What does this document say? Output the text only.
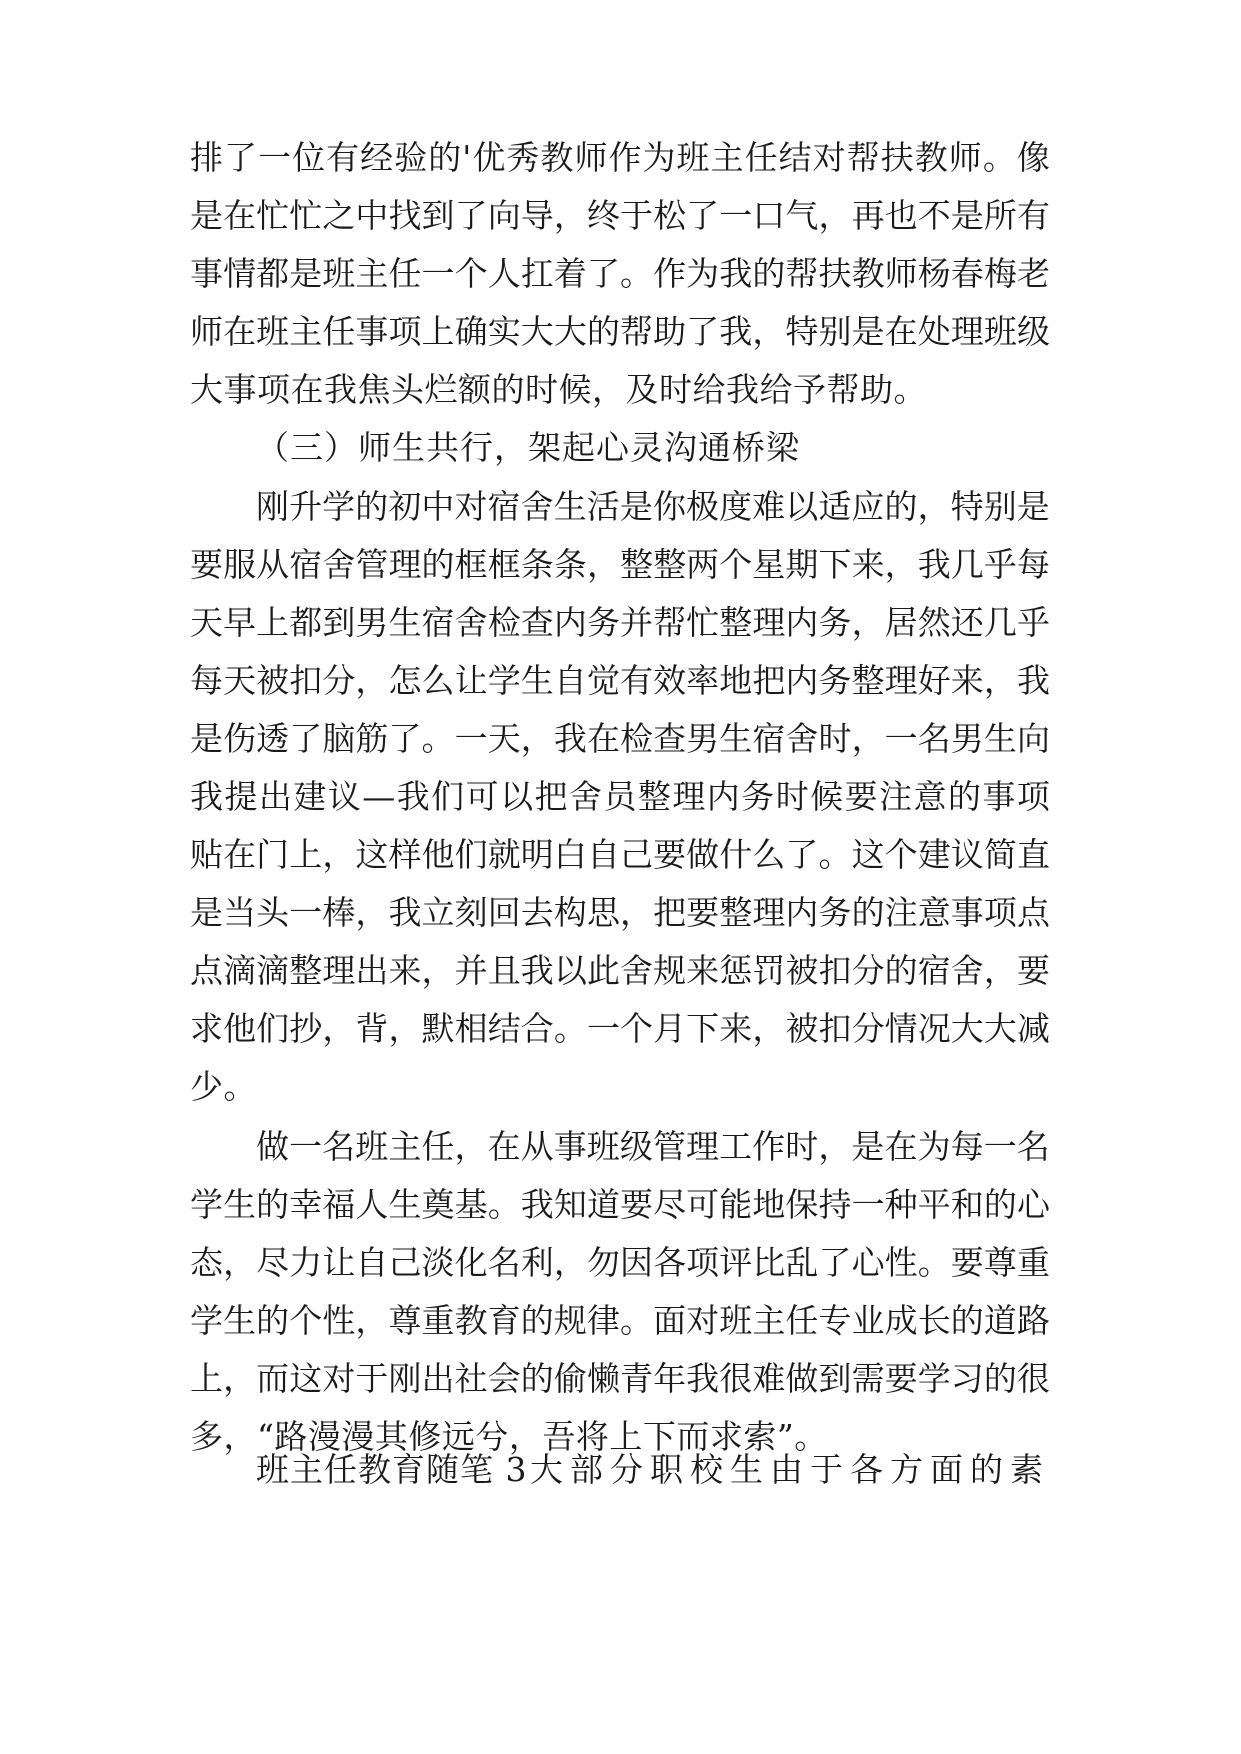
排 了 一 位 有 经 验 的 ' 优 秀 教 师 作 为 班 主 任 结 对 帮 扶 教 师 。 像
是 在 忙 忙 之 中 找 到 了 向 导 ， 终 于 松 了 一 口 气 ， 再 也 不 是 所 有
事 情 都 是 班 主 任 一 个 人 扛 着 了 。 作 为 我 的 帮 扶 教 师 杨 春 梅 老
师 在 班 主 任 事 项 上 确 实 大 大 的 帮 助 了 我 ， 特 别 是 在 处 理 班 级
大事项在我焦头烂额的时候，及时给我给予帮助。
（三）师生共行，架起心灵沟通桥梁
刚 升 学 的 初 中 对 宿 舍 生 活 是 你 极 度 难 以 适 应 的 ， 特 别 是
要 服 从 宿 舍 管 理 的 框 框 条 条 ， 整 整 两 个 星 期 下 来 ， 我 几 乎 每
天 早 上 都 到 男 生 宿 舍 检 查 内 务 并 帮 忙 整 理 内 务 ， 居 然 还 几 乎
每 天 被 扣 分 ， 怎 么 让 学 生 自 觉 有 效 率 地 把 内 务 整 理 好 来 ， 我
是 伤 透 了 脑 筋 了 。 一 天 ， 我 在 检 查 男 生 宿 舍 时 ， 一 名 男 生 向
我 提 出 建 议 — 我 们 可 以 把 舍 员 整 理 内 务 时 候 要 注 意 的 事 项
贴 在 门 上 ， 这 样 他 们 就 明 白 自 己 要 做 什 么 了 。 这 个 建 议 简 直
是 当 头 一 棒 ， 我 立 刻 回 去 构 思 ， 把 要 整 理 内 务 的 注 意 事 项 点
点 滴 滴 整 理 出 来 ， 并 且 我 以 此 舍 规 来 惩 罚 被 扣 分 的 宿 舍 ， 要
求 他 们 抄 ， 背 ， 默 相 结 合 。 一 个 月 下 来 ， 被 扣 分 情 况 大 大 减
少。
做 一 名 班 主 任 ， 在 从 事 班 级 管 理 工 作 时 ， 是 在 为 每 一 名
学 生 的 幸 福 人 生 奠 基 。 我 知 道 要 尽 可 能 地 保 持 一 种 平 和 的 心
态 ， 尽 力 让 自 己 淡 化 名 利 ， 勿 因 各 项 评 比 乱 了 心 性 。 要 尊 重
学 生 的 个 性 ， 尊 重 教 育 的 规 律 。 面 对 班 主 任 专 业 成 长 的 道 路
上 ， 而 这 对 于 刚 出 社 会 的 偷 懒 青 年 我 很 难 做 到 需 要 学 习 的 很
多，“路漫漫其修远兮，吾将上下而求索”。
班主任教育随笔 3 大部分职校生由于各方面的素
